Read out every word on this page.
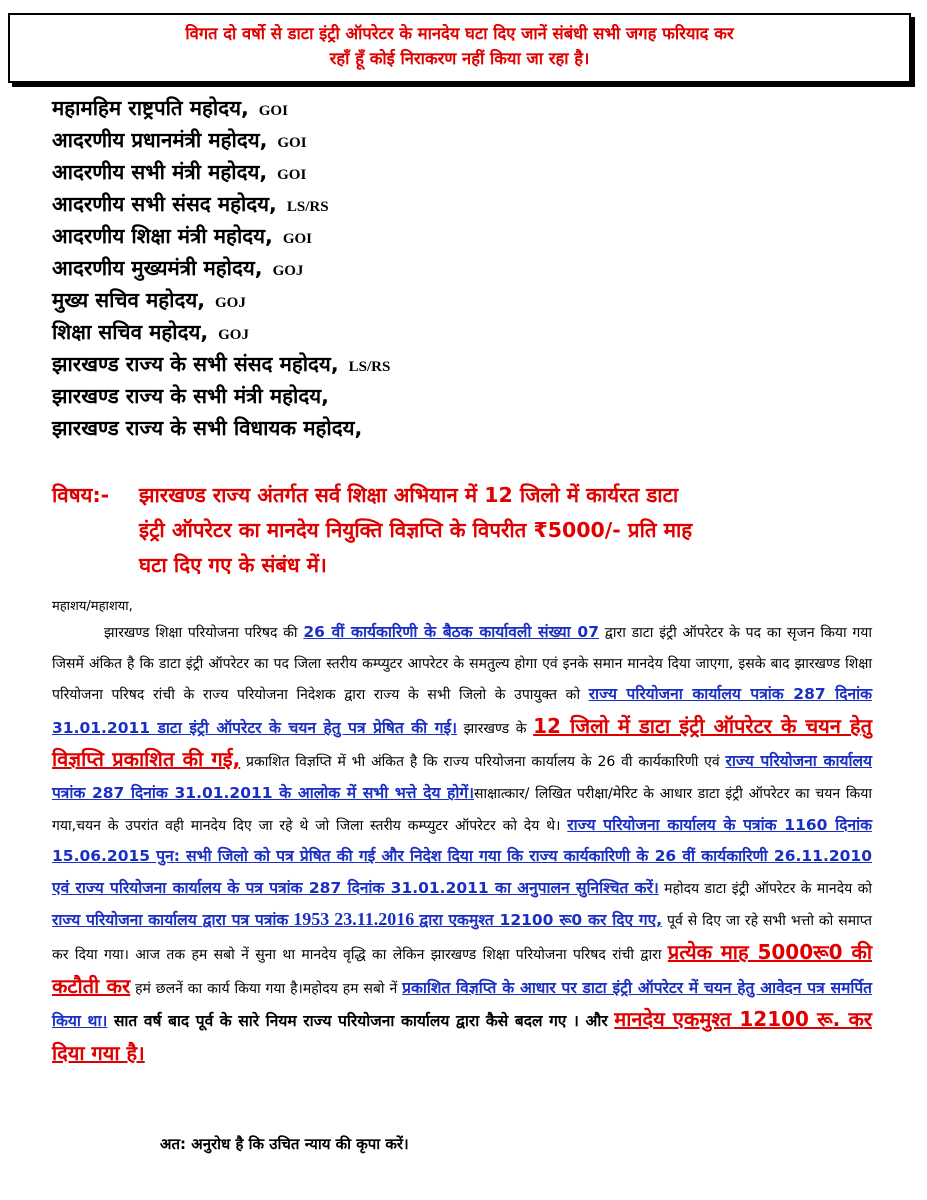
विगत दो वर्षो से डाटा इंट्री ऑपरेटर के मानदेय घटा दिए जानें संबंधी सभी जगह फरियाद कर
रहाँ हूँ कोई निराकरण नहीं किया जा रहा है।
महामहिम राष्ट्रपति महोदय, GOI
आदरणीय प्रधानमंत्री महोदय, GOI
आदरणीय सभी मंत्री महोदय, GOI
आदरणीय सभी संसद महोदय, LS/RS
आदरणीय शिक्षा मंत्री महोदय, GOI
आदरणीय मुख्यमंत्री महोदय, GOJ
मुख्य सचिव महोदय, GOJ
शिक्षा सचिव महोदय, GOJ
झारखण्ड राज्य के सभी संसद महोदय, LS/RS
झारखण्ड राज्य के सभी मंत्री महोदय,
झारखण्ड राज्य के सभी विधायक महोदय,
विषय:- झारखण्ड राज्य अंतर्गत सर्व शिक्षा अभियान में 12 जिलो में कार्यरत डाटा
इंट्री ऑपरेटर का मानदेय नियुक्ति विज्ञप्ति के विपरीत ₹5000/- प्रति माह
घटा दिए गए के संबंध में।
महाशय/महाशया,

झारखण्ड शिक्षा परियोजना परिषद की 26 वीं कार्यकारिणी के बैठक कार्यावली संख्या 07 द्वारा डाटा इंट्री ऑपरेटर के पद का सृजन किया गया जिसमें अंकित है कि डाटा इंट्री ऑपरेटर का पद जिला स्तरीय कम्प्युटर आपरेटर के समतुल्य होगा एवं इनके समान मानदेय दिया जाएगा, इसके बाद झारखण्ड शिक्षा परियोजना परिषद रांची के राज्य परियोजना निदेशक द्वारा राज्य के सभी जिलो के उपायुक्त को राज्य परियोजना कार्यालय पत्रांक 287 दिनांक 31.01.2011 डाटा इंट्री ऑपरेटर के चयन हेतु पत्र प्रेषित की गई। झारखण्ड के 12 जिलो में डाटा इंट्री ऑपरेटर के चयन हेतु विज्ञप्ति प्रकाशित की गई, प्रकाशित विज्ञप्ति में भी अंकित है कि राज्य परियोजना कार्यालय के 26 वी कार्यकारिणी एवं राज्य परियोजना कार्यालय पत्रांक 287 दिनांक 31.01.2011 के आलोक में सभी भत्ते देय होगें।साक्षात्कार/ लिखित परीक्षा/मेरिट के आधार डाटा इंट्री ऑपरेटर का चयन किया गया,चयन के उपरांत वही मानदेय दिए जा रहे थे जो जिला स्तरीय कम्प्युटर ऑपरेटर को देय थे। राज्य परियोजना कार्यालय के पत्रांक 1160 दिनांक 15.06.2015 पुन: सभी जिलो को पत्र प्रेषित की गई और निदेश दिया गया कि राज्य कार्यकारिणी के 26 वीं कार्यकारिणी 26.11.2010 एवं राज्य परियोजना कार्यालय के पत्र पत्रांक 287 दिनांक 31.01.2011 का अनुपालन सुनिश्चित करें। महोदय डाटा इंट्री ऑपरेटर के मानदेय को राज्य परियोजना कार्यालय द्वारा पत्र पत्रांक 1953 23.11.2016 द्वारा एकमुश्त 12100 रू0 कर दिए गए, पूर्व से दिए जा रहे सभी भत्तो को समाप्त कर दिया गया। आज तक हम सबो नें सुना था मानदेय वृद्धि का लेकिन झारखण्ड शिक्षा परियोजना परिषद रांची द्वारा प्रत्येक माह 5000रू0 की कटौती कर हमं छलनें का कार्य किया गया है।महोदय हम सबो नें प्रकाशित विज्ञप्ति के आधार पर डाटा इंट्री ऑपरेटर में चयन हेतु आवेदन पत्र समर्पित किया था। सात वर्ष बाद पूर्व के सारे नियम राज्य परियोजना कार्यालय द्वारा कैसे बदल गए । और मानदेय एकमुश्त 12100 रू. कर दिया गया है।

अत: अनुरोध है कि उचित न्याय की कृपा करें।
